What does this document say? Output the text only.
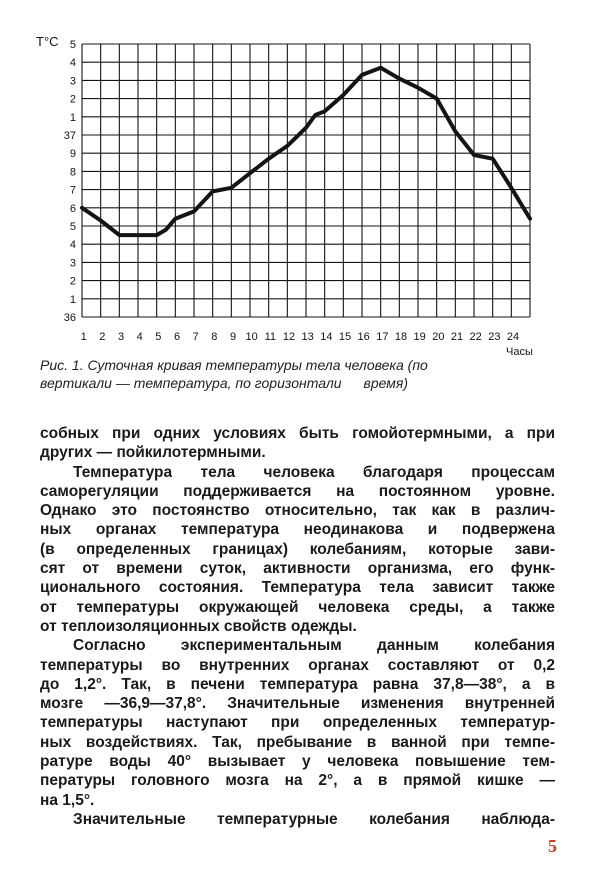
5
4
3
2
1
37
9
8
7
6
5
4
3
2
1
36
1 2 3 4 5 6 7 8 9 10 11 12 13 14 15 16 17 18 19 20 21 22 23 24
T°C
Часы
Рис. 1. Суточная кривая температуры тела человека (по
вертикали — температура, по горизонтали время)
собных при одних условиях быть гомойотермными, а при
других — пойкилотермными.
Температура тела человека благодаря процессам
саморегуляции поддерживается на постоянном уровне.
Однако это постоянство относительно, так как в различ-
ных органах температура неодинакова и подвержена
(в определенных границах) колебаниям, которые зави-
сят от времени суток, активности организма, его функ-
ционального состояния. Температура тела зависит также
от температуры окружающей человека среды, а также
от теплоизоляционных свойств одежды.
Согласно экспериментальным данным колебания
температуры во внутренних органах составляют от 0,2
до 1,2°. Так, в печени температура равна 37,8—38°, а в
мозге —36,9—37,8°. Значительные изменения внутренней
температуры наступают при определенных температур-
ных воздействиях. Так, пребывание в ванной при темпе-
ратуре воды 40° вызывает у человека повышение тем-
пературы головного мозга на 2°, а в прямой кишке —
на 1,5°.
Значительные температурные колебания наблюда-
5
